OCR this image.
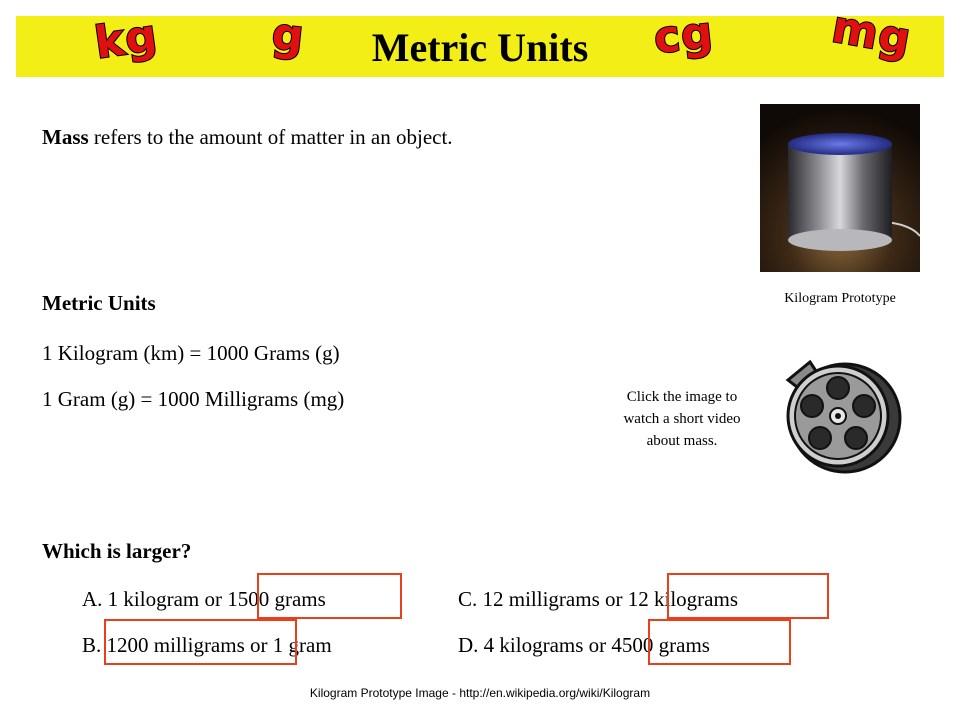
kg g	cg	mg
Metric Units
Mass refers to the amount of matter in an object.
Kilogram Prototype
Metric Units
1 Kilogram (km) = 1000 Grams (g)
1 Gram (g) = 1000 Milligrams (mg)	Click the image to
watch a short video
about mass.
Which is larger?
A. 1 kilogram or 1500 grams
B. 1200 milligrams or 1 gram
C. 12 milligrams or 12 kilograms
D. 4 kilograms or 4500 grams
Kilogram Prototype Image - http://en.wikipedia.org/wiki/Kilogram
